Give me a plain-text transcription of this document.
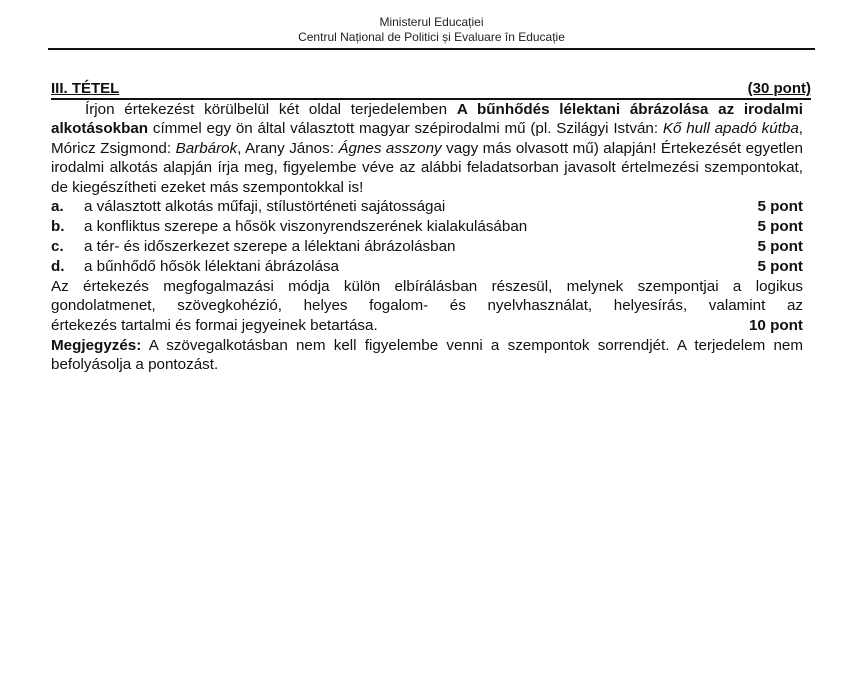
Ministerul Educației
Centrul Național de Politici și Evaluare în Educație
III. TÉTEL	(30 pont)

Írjon értekezést körülbelül két oldal terjedelemben A bűnhődés lélektani ábrázolása az irodalmi alkotásokban címmel egy ön által választott magyar szépirodalmi mű (pl. Szilágyi István: Kő hull apadó kútba, Móricz Zsigmond: Barbárok, Arany János: Ágnes asszony vagy más olvasott mű) alapján! Értekezését egyetlen irodalmi alkotás alapján írja meg, figyelembe véve az alábbi feladatsorban javasolt értelmezési szempontokat, de kiegészítheti ezeket más szempontokkal is!

a. a választott alkotás műfaji, stílustörténeti sajátosságai	5 pont
b. a konfliktus szerepe a hősök viszonyrendszerének kialakulásában	5 pont
c. a tér- és időszerkezet szerepe a lélektani ábrázolásban	5 pont
d. a bűnhődő hősök lélektani ábrázolása	5 pont

Az értekezés megfogalmazási módja külön elbírálásban részesül, melynek szempontjai a logikus gondolatmenet, szövegkohézió, helyes fogalom- és nyelvhasználat, helyesírás, valamint az

értekezés tartalmi és formai jegyeinek betartása.	10 pont

Megjegyzés: A szövegalkotásban nem kell figyelembe venni a szempontok sorrendjét. A terjedelem nem befolyásolja a pontozást.
